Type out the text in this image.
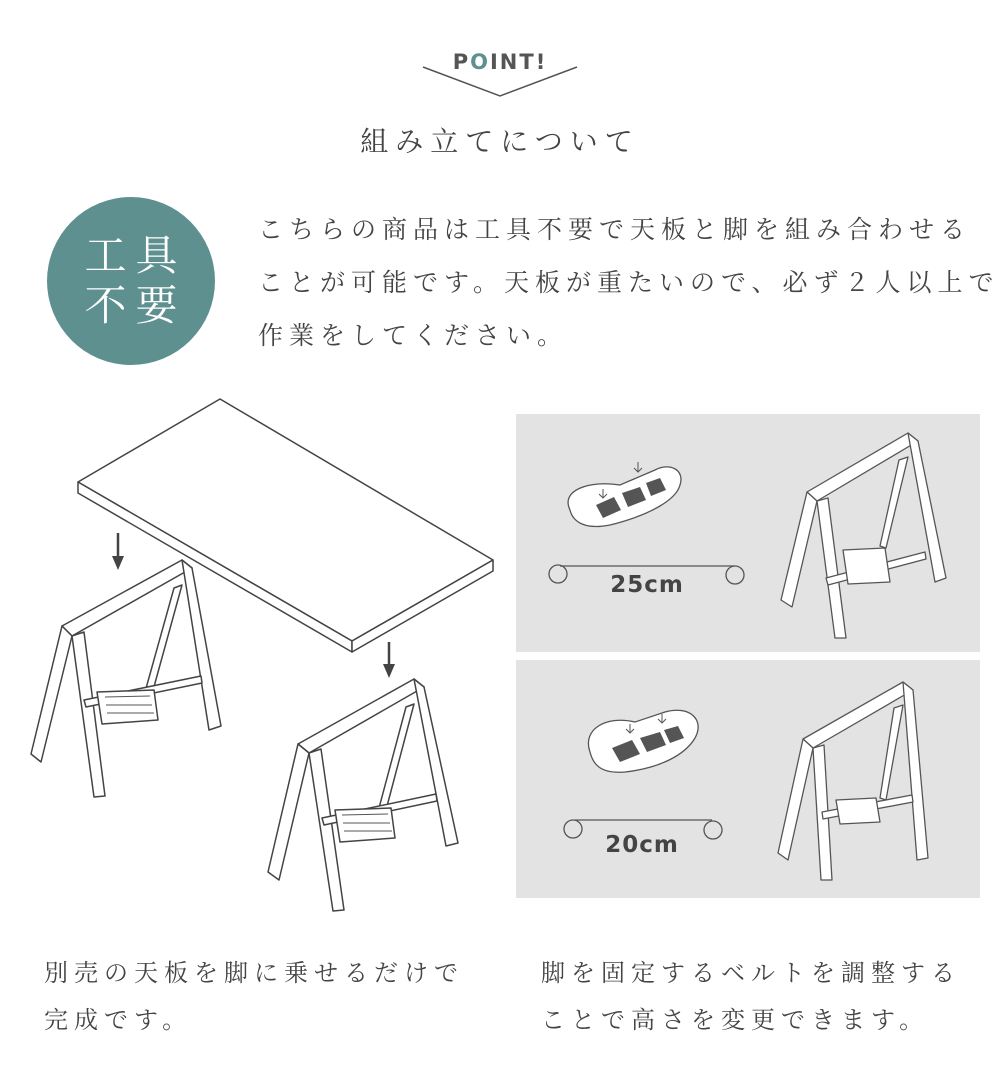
POINT!
組み立てについて
工具
不要
こちらの商品は工具不要で天板と脚を組み合わせる
ことが可能です。天板が重たいので、必ず２人以上で
作業をしてください。
25cm
20cm
別売の天板を脚に乗せるだけで
完成です。
脚を固定するベルトを調整する
ことで高さを変更できます。
